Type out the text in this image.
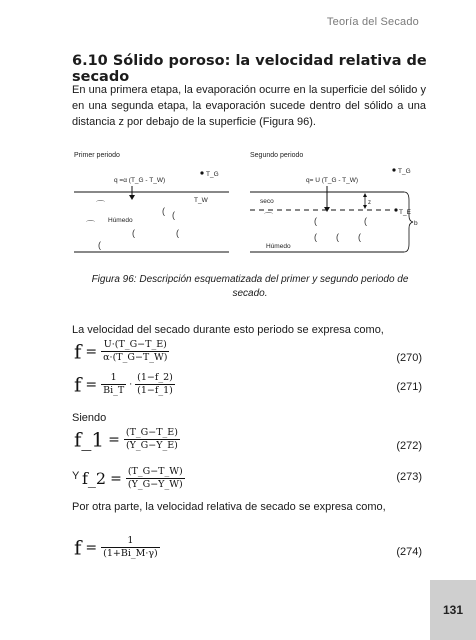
Teoría del Secado
6.10 Sólido poroso: la velocidad relativa de secado
En una primera etapa, la evaporación ocurre en la superficie del sólido y en una segunda etapa, la evaporación sucede dentro del sólido a una distancia z por debajo de la superficie (Figura 96).
Primer periodo
q =α (T_G - T_W)
T_G
T_W
Húmedo
⌒
( (
⌒
(	(
(
Segundo periodo
q= U (T_G - T_W)
T_G
seco	z
T_E
b
⌒	(	(
( ( (
Húmedo
Figura 96: Descripción esquematizada del primer y segundo periodo de secado.
La velocidad del secado durante esto periodo se expresa como,
$f = \frac{U\cdot(T\_G-T\_E)}{\alpha\cdot(T\_G-T\_W)}$	(270)
$f = \frac{1}{Bi\_T} \cdot \frac{(1-f\_2)}{(1-f\_1)}$	(271)
Siendo
f_1 = $\frac{(T\_G-T\_E)}{(Y\_G-Y\_E)}$	(272)
Y f_2 = $\frac{(T\_G-T\_W)}{(Y\_G-Y\_W)}$	(273)
Por otra parte, la velocidad relativa de secado se expresa como,
$f = \frac{1}{(1+Bi\_M\cdot\gamma)}$	(274)
131
